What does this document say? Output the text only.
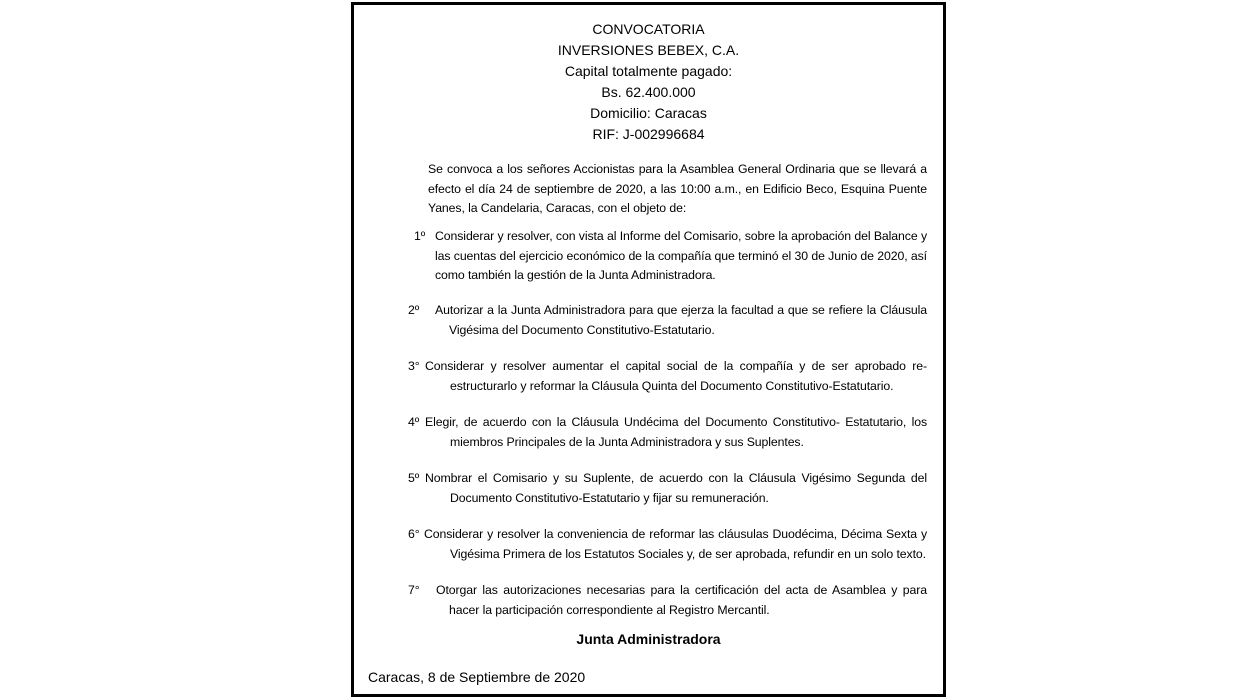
CONVOCATORIA
INVERSIONES BEBEX, C.A.
Capital totalmente pagado:
Bs. 62.400.000
Domicilio: Caracas
RIF: J-002996684
Se convoca a los señores Accionistas para la Asamblea General Ordinaria que se llevará a efecto el día 24 de septiembre de 2020, a las 10:00 a.m., en Edificio Beco, Esquina Puente Yanes, la Candelaria, Caracas, con el objeto de:
1º Considerar y resolver, con vista al Informe del Comisario, sobre la aprobación del Balance y las cuentas del ejercicio económico de la compañía que terminó el 30 de Junio de 2020, así como también la gestión de la Junta Administradora.
2º	Autorizar a la Junta Administradora para que ejerza la facultad a que se refiere la Cláusula Vigésima del Documento Constitutivo-Estatutario.
3° Considerar y resolver aumentar el capital social de la compañía y de ser aprobado re-estructurarlo y reformar la Cláusula Quinta del Documento Constitutivo-Estatutario.
4º Elegir, de acuerdo con la Cláusula Undécima del Documento Constitutivo- Estatutario, los miembros Principales de la Junta Administradora y sus Suplentes.
5º Nombrar el Comisario y su Suplente, de acuerdo con la Cláusula Vigésimo Segunda del Documento Constitutivo-Estatutario y fijar su remuneración.
6° Considerar y resolver la conveniencia de reformar las cláusulas Duodécima, Décima Sexta y Vigésima Primera de los Estatutos Sociales y, de ser aprobada, refundir en un solo texto.
7°	Otorgar las autorizaciones necesarias para la certificación del acta de Asamblea y para hacer la participación correspondiente al Registro Mercantil.
Junta Administradora
Caracas, 8 de Septiembre de 2020
